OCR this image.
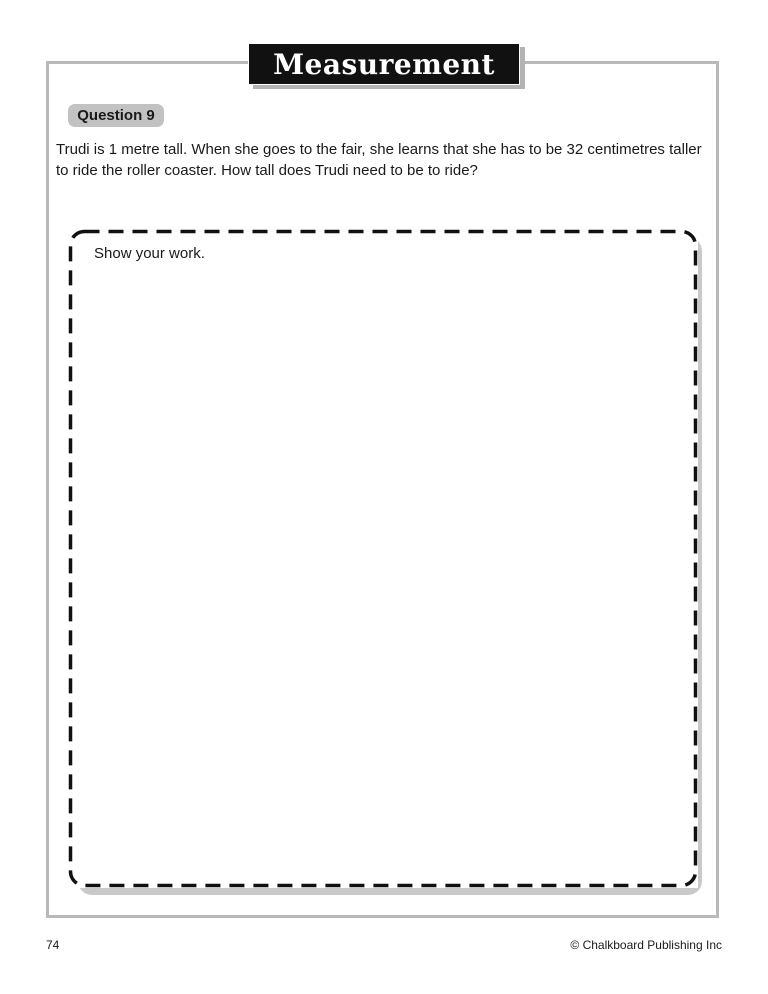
Measurement
Question 9
Trudi is 1 metre tall. When she goes to the fair, she learns that she has to be 32 centimetres taller to ride the roller coaster. How tall does Trudi need to be to ride?
Show your work.
74	© Chalkboard Publishing Inc
